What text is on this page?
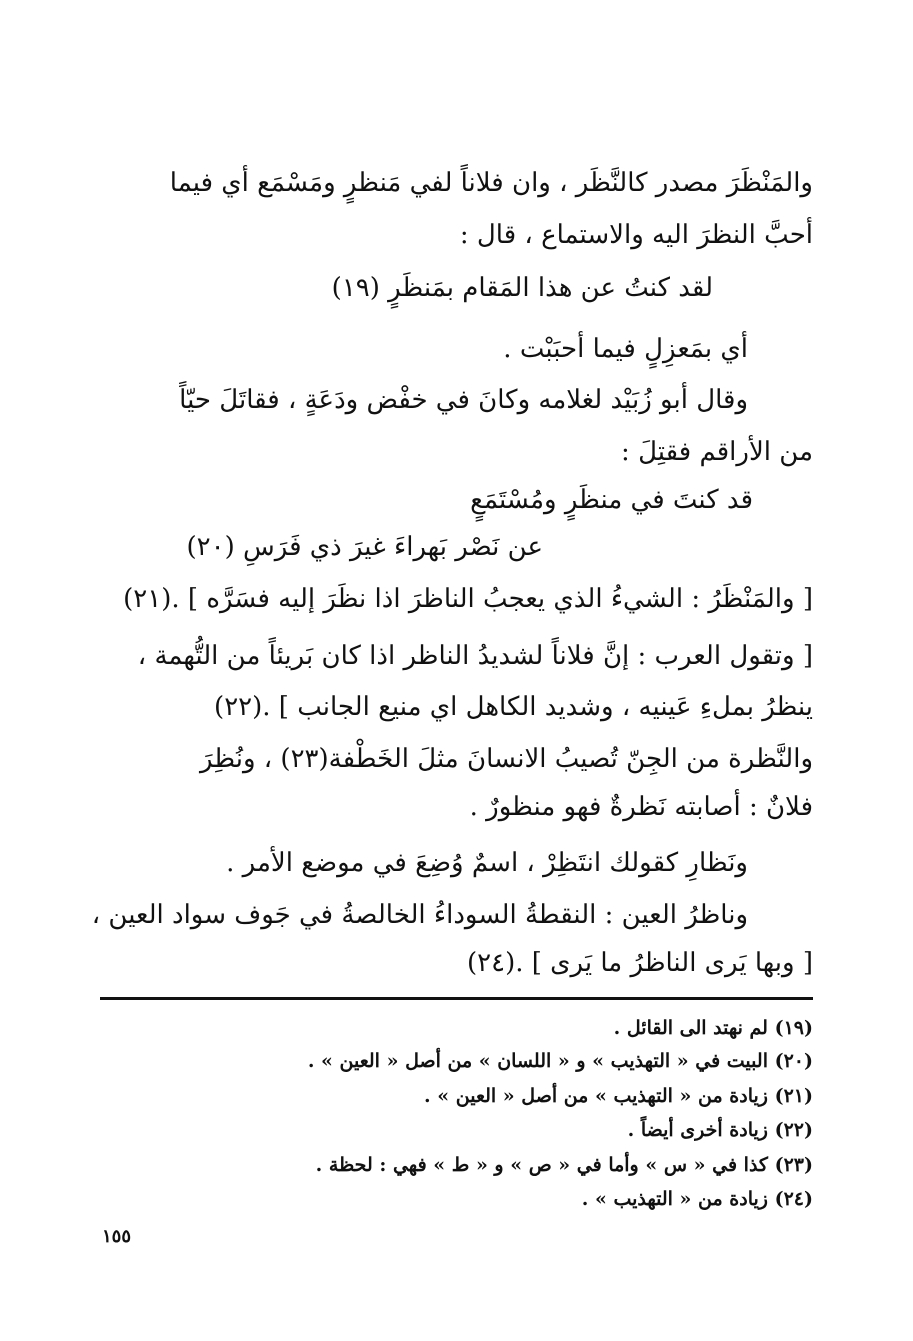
والمَنْظَرَ مصدر كالنَّظَر ، وان فلاناً لفي مَنظرٍ ومَسْمَع أي فيما
أحبَّ النظرَ اليه والاستماع ، قال :
لقد كنتُ عن هذا المَقام بمَنظَرٍ (١٩)
أي بمَعزِلٍ فيما أحبَبْت .
وقال أبو زُبَيْد لغلامه وكانَ في خفْض ودَعَةٍ ، فقاتَلَ حيّاً
من الأراقم فقتِلَ :
قد كنتَ في منظَرٍ ومُسْتَمَعٍ
عن نَصْر بَهراءَ غيرَ ذي فَرَسِ (٢٠)
[ والمَنْظَرُ : الشيءُ الذي يعجبُ الناظرَ اذا نظَرَ إليه فسَرَّه ] .(٢١)
[ وتقول العرب : إنَّ فلاناً لشديدُ الناظر اذا كان بَريئاً من التُّهمة ،
ينظرُ بملءِ عَينيه ، وشديد الكاهل اي منيع الجانب ] .(٢٢)
والنَّظرة من الجِنّ تُصيبُ الانسانَ مثلَ الخَطْفة(٢٣) ، ونُظِرَ
فلانٌ : أصابته نَظرةٌ فهو منظورٌ .
ونَظارِ كقولك انتَظِرْ ، اسمٌ وُضِعَ في موضع الأمر .
وناظرُ العين : النقطةُ السوداءُ الخالصةُ في جَوف سواد العين ،
[ وبها يَرى الناظرُ ما يَرى ] .(٢٤)
(١٩) لم نهتد الى القائل .
(٢٠) البيت في « التهذيب » و « اللسان » من أصل « العين » .
(٢١) زيادة من « التهذيب » من أصل « العين » .
(٢٢) زيادة أخرى أيضاً .
(٢٣) كذا في « س » وأما في « ص » و « ط » فهي : لحظة .
(٢٤) زيادة من « التهذيب » .
١٥٥
